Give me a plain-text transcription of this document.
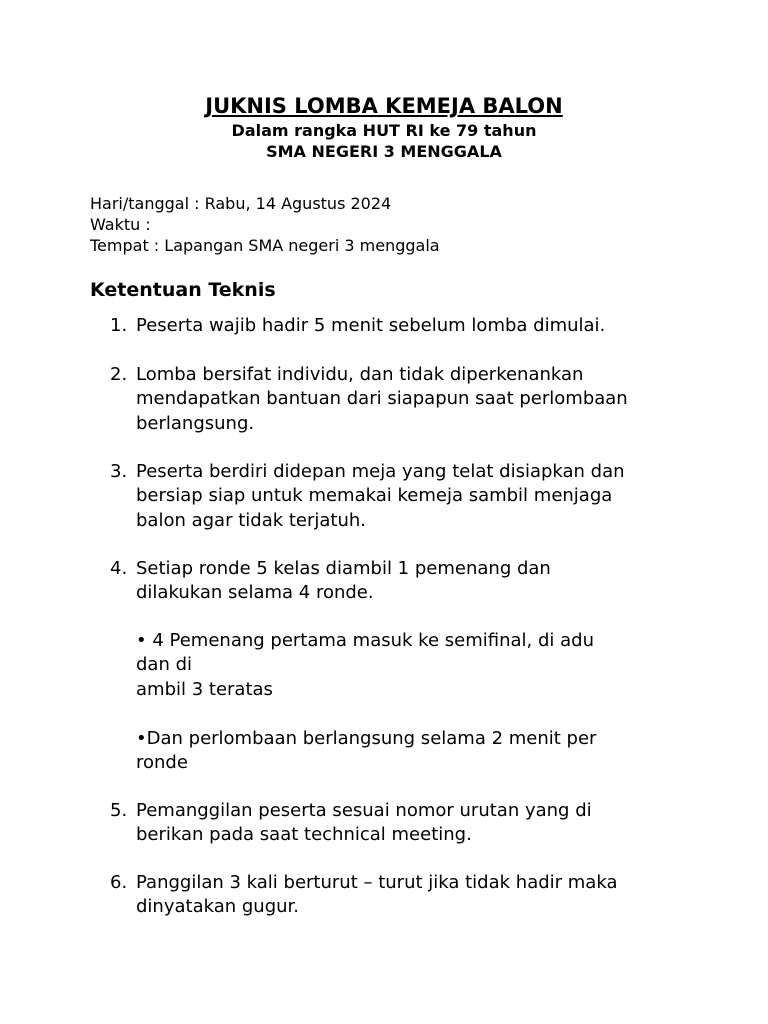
JUKNIS LOMBA KEMEJA BALON
Dalam rangka HUT RI ke 79 tahun
SMA NEGERI 3 MENGGALA
Hari/tanggal : Rabu, 14 Agustus 2024
Waktu :
Tempat : Lapangan SMA negeri 3 menggala
Ketentuan Teknis
1. Peserta wajib hadir 5 menit sebelum lomba dimulai.
2. Lomba bersifat individu, dan tidak diperkenankan mendapatkan bantuan dari siapapun saat perlombaan berlangsung.
3. Peserta berdiri didepan meja yang telat disiapkan dan bersiap siap untuk memakai kemeja sambil menjaga balon agar tidak terjatuh.
4. Setiap ronde 5 kelas diambil 1 pemenang dan dilakukan selama 4 ronde.
• 4 Pemenang pertama masuk ke semifinal, di adu
dan di
ambil 3 teratas
•Dan perlombaan berlangsung selama 2 menit per
ronde
5. Pemanggilan peserta sesuai nomor urutan yang di berikan pada saat technical meeting.
6. Panggilan 3 kali berturut – turut jika tidak hadir maka dinyatakan gugur.
